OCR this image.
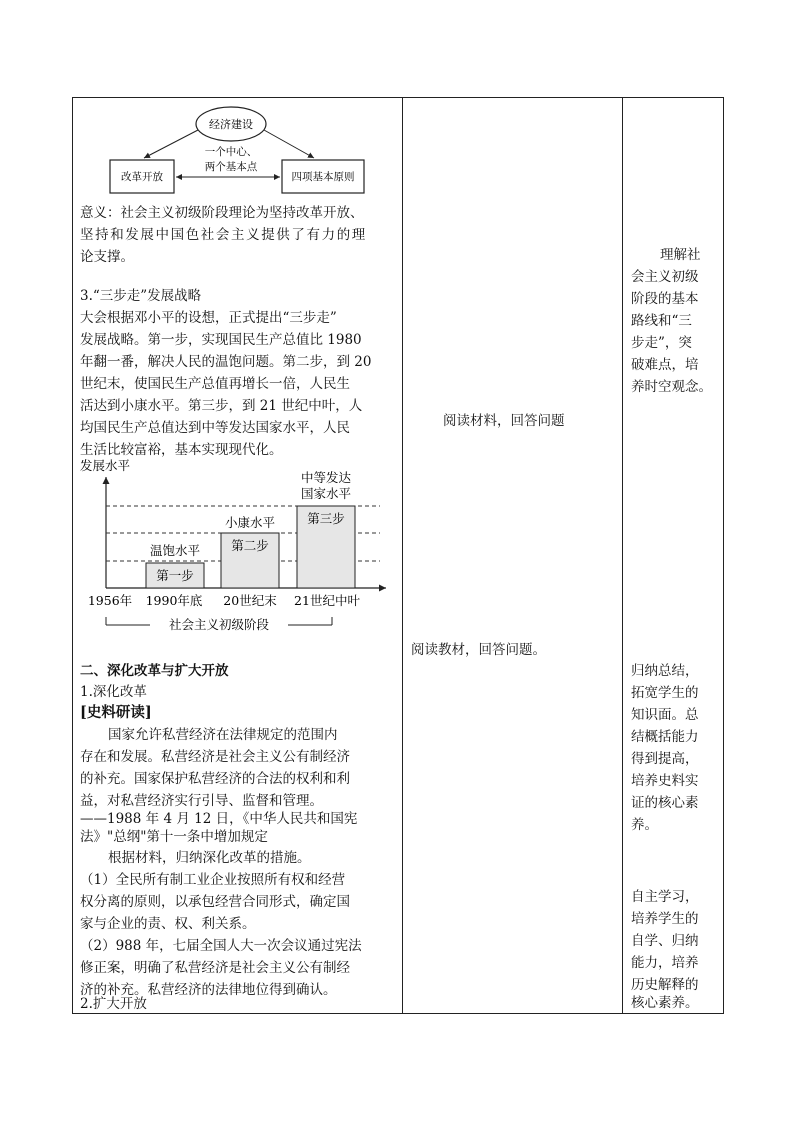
经济建设
一个中心、
两个基本点
改革开放	四项基本原则
意义：社会主义初级阶段理论为坚持改革开放、
坚持和发展中国色社会主义提供了有力的理
论支撑。
3.“三步走”发展战略
大会根据邓小平的设想，正式提出“三步走”
发展战略。第一步，实现国民生产总值比 1980
年翻一番，解决人民的温饱问题。第二步，到 20
世纪末，使国民生产总值再增长一倍，人民生
活达到小康水平。第三步，到 21 世纪中叶，人
均国民生产总值达到中等发达国家水平，人民
生活比较富裕，基本实现现代化。
发展水平
第一步
第二步
第三步
温饱水平
小康水平
中等发达
国家水平
1956年 1990年底 20世纪末 21世纪中叶
社会主义初级阶段
二、深化改革与扩大开放
1.深化改革
[史料研读]
国家允许私营经济在法律规定的范围内
存在和发展。私营经济是社会主义公有制经济
的补充。国家保护私营经济的合法的权利和利
益，对私营经济实行引导、监督和管理。
——1988 年 4 月 12 日，《中华人民共和国宪
法》"总纲"第十一条中增加规定
根据材料，归纳深化改革的措施。
（1）全民所有制工业企业按照所有权和经营
权分离的原则，以承包经营合同形式，确定国
家与企业的责、权、利关系。
（2）988 年，七届全国人大一次会议通过宪法
修正案，明确了私营经济是社会主义公有制经
济的补充。私营经济的法律地位得到确认。
2.扩大开放
阅读材料，回答问题
阅读教材，回答问题。
理解社
会主义初级
阶段的基本
路线和“三
步走”，突
破难点，培
养时空观念。
归纳总结，
拓宽学生的
知识面。总
结概括能力
得到提高，
培养史料实
证的核心素
养。
自主学习，
培养学生的
自学、归纳
能力，培养
历史解释的
核心素养。
